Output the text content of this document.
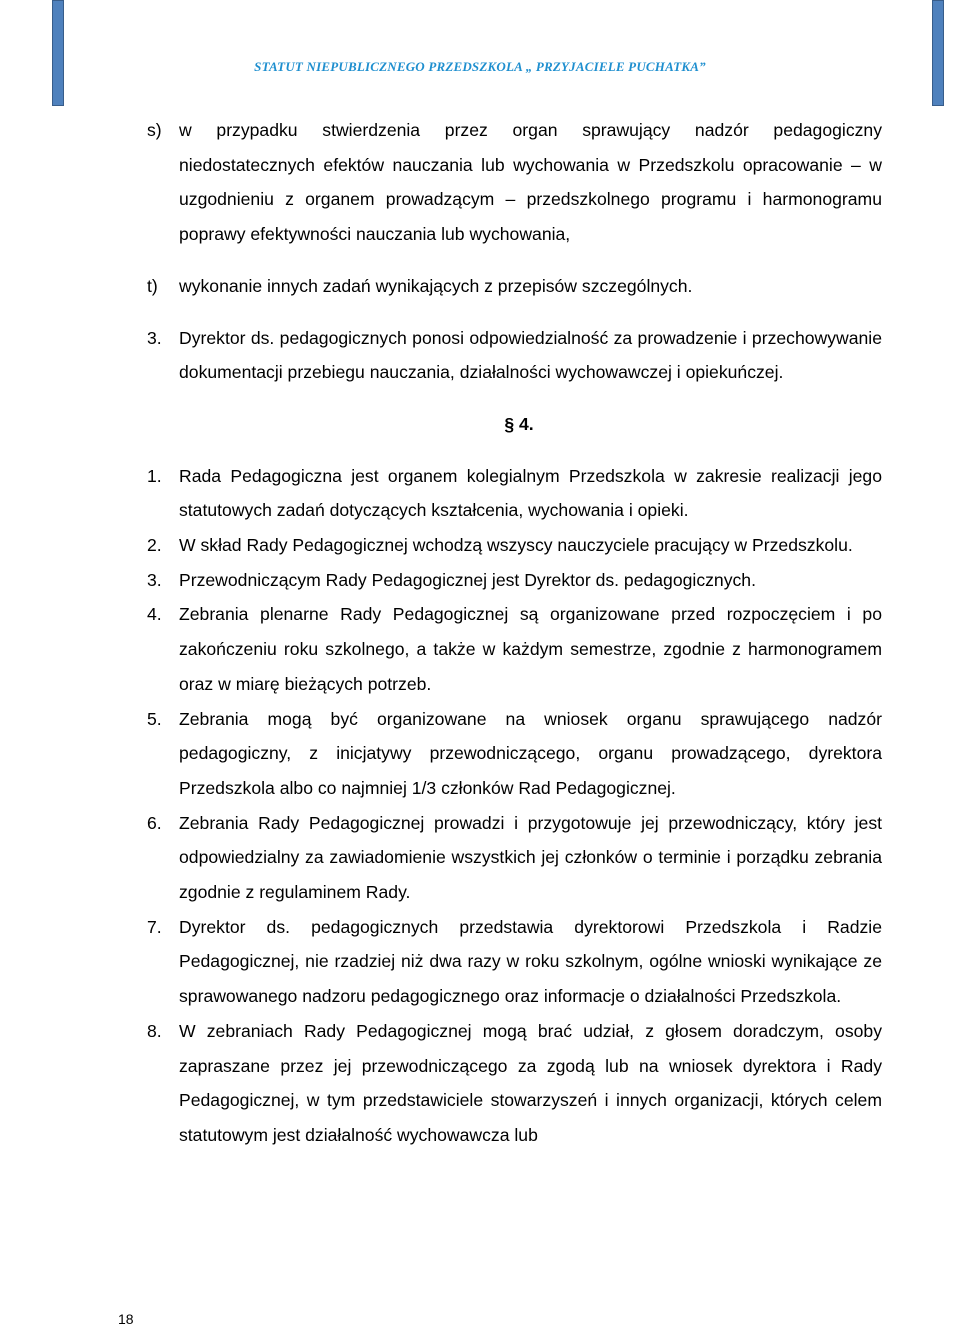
STATUT NIEPUBLICZNEGO PRZEDSZKOLA „ PRZYJACIELE PUCHATKA”

s) w przypadku stwierdzenia przez organ sprawujący nadzór pedagogiczny niedostatecznych efektów nauczania lub wychowania w Przedszkolu opracowanie – w uzgodnieniu z organem prowadzącym – przedszkolnego programu i harmonogramu poprawy efektywności nauczania lub wychowania,
t)	wykonanie innych zadań wynikających z przepisów szczególnych.
3. Dyrektor ds. pedagogicznych ponosi odpowiedzialność za prowadzenie i przechowywanie dokumentacji przebiegu nauczania, działalności wychowawczej i opiekuńczej.
§ 4.
1. Rada Pedagogiczna jest organem kolegialnym Przedszkola w zakresie realizacji jego statutowych zadań dotyczących kształcenia, wychowania i opieki.
2. W skład Rady Pedagogicznej wchodzą wszyscy nauczyciele pracujący w Przedszkolu.
3. Przewodniczącym Rady Pedagogicznej jest Dyrektor ds. pedagogicznych.
4. Zebrania plenarne Rady Pedagogicznej są organizowane przed rozpoczęciem i po zakończeniu roku szkolnego, a także w każdym semestrze, zgodnie z harmonogramem oraz w miarę bieżących potrzeb.
5. Zebrania mogą być organizowane na wniosek organu sprawującego nadzór pedagogiczny, z inicjatywy przewodniczącego, organu prowadzącego, dyrektora Przedszkola albo co najmniej 1/3 członków Rad Pedagogicznej.
6. Zebrania Rady Pedagogicznej prowadzi i przygotowuje jej przewodniczący, który jest odpowiedzialny za zawiadomienie wszystkich jej członków o terminie i porządku zebrania zgodnie z regulaminem Rady.
7. Dyrektor ds. pedagogicznych przedstawia dyrektorowi Przedszkola i Radzie Pedagogicznej, nie rzadziej niż dwa razy w roku szkolnym, ogólne wnioski wynikające ze sprawowanego nadzoru pedagogicznego oraz informacje o działalności Przedszkola.
8. W zebraniach Rady Pedagogicznej mogą brać udział, z głosem doradczym, osoby zapraszane przez jej przewodniczącego za zgodą lub na wniosek dyrektora i Rady Pedagogicznej, w tym przedstawiciele stowarzyszeń i innych organizacji, których celem statutowym jest działalność wychowawcza lub

18
